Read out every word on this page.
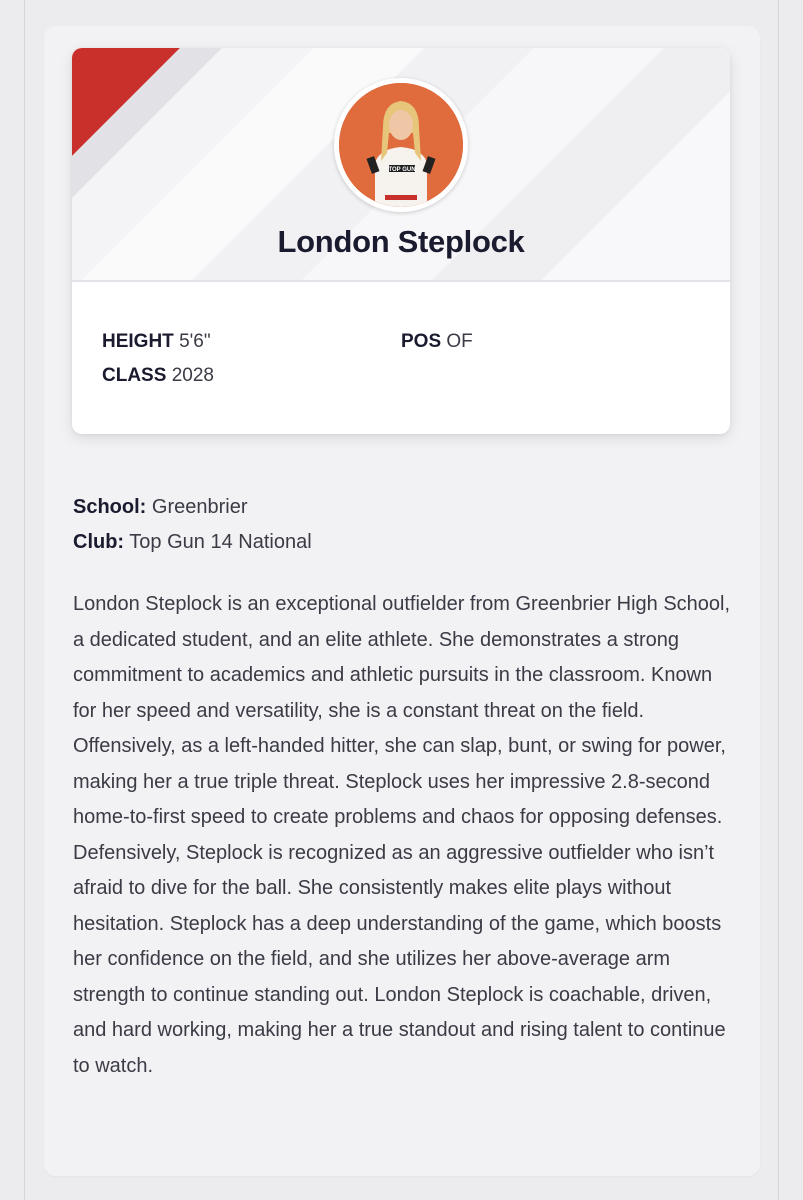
TOP GUN
London Steplock
HEIGHT 5'6"
CLASS 2028
POS OF
School: Greenbrier
Club: Top Gun 14 National

London Steplock is an exceptional outfielder from Greenbrier High School, a dedicated student, and an elite athlete. She demonstrates a strong commitment to academics and athletic pursuits in the classroom. Known for her speed and versatility, she is a constant threat on the field. Offensively, as a left-handed hitter, she can slap, bunt, or swing for power, making her a true triple threat. Steplock uses her impressive 2.8-second home-to-first speed to create problems and chaos for opposing defenses. Defensively, Steplock is recognized as an aggressive outfielder who isn’t afraid to dive for the ball. She consistently makes elite plays without hesitation. Steplock has a deep understanding of the game, which boosts her confidence on the field, and she utilizes her above-average arm strength to continue standing out. London Steplock is coachable, driven, and hard working, making her a true standout and rising talent to continue to watch.
